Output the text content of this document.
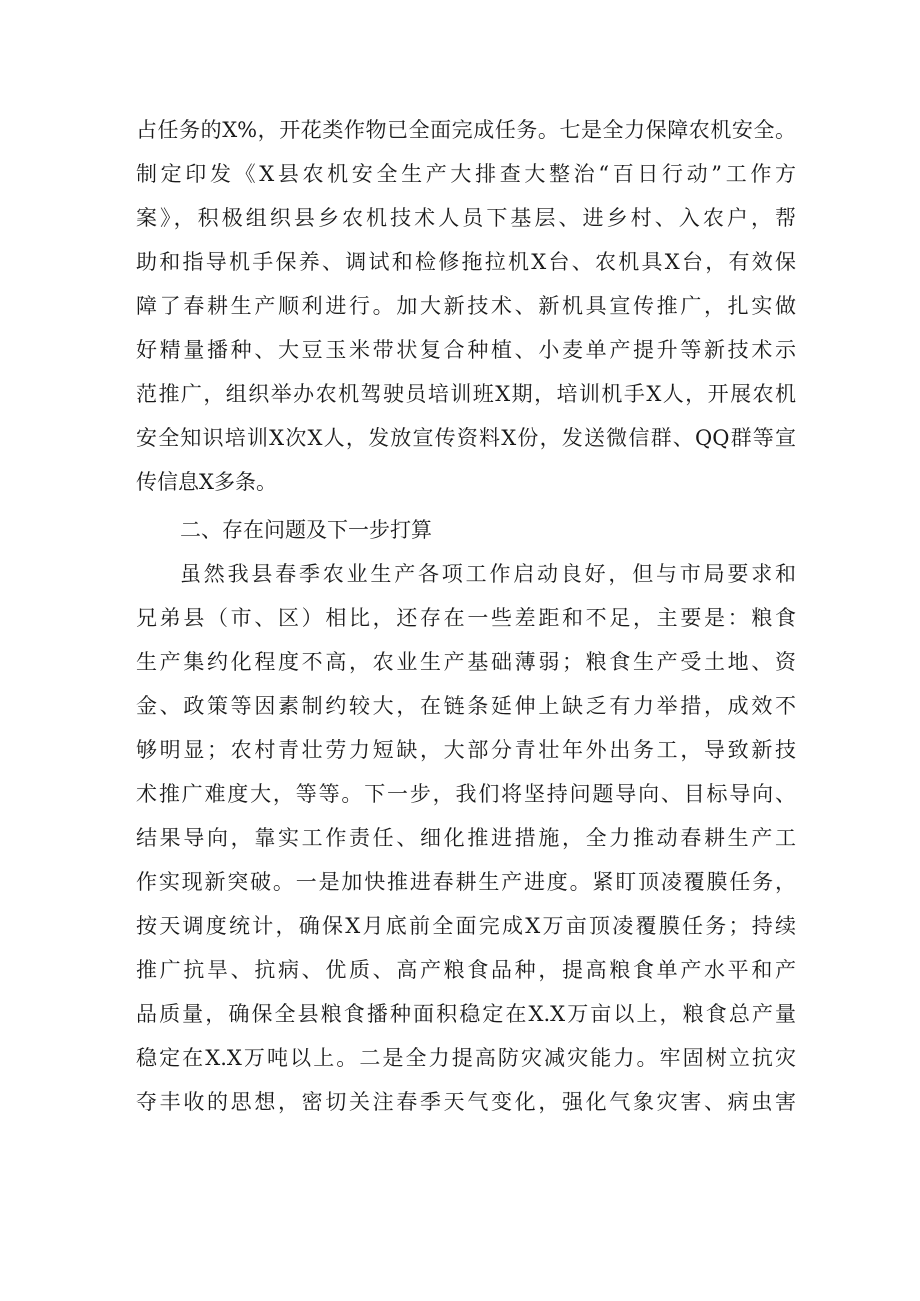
占任务的X%，开花类作物已全面完成任务。七是全力保障农机安全。
制定印发《X县农机安全生产大排查大整治“百日行动”工作方
案》，积极组织县乡农机技术人员下基层、进乡村、入农户，帮
助和指导机手保养、调试和检修拖拉机X台、农机具X台，有效保
障了春耕生产顺利进行。加大新技术、新机具宣传推广，扎实做
好精量播种、大豆玉米带状复合种植、小麦单产提升等新技术示
范推广，组织举办农机驾驶员培训班X期，培训机手X人，开展农机
安全知识培训X次X人，发放宣传资料X份，发送微信群、QQ群等宣
传信息X多条。
二、存在问题及下一步打算
虽然我县春季农业生产各项工作启动良好，但与市局要求和
兄弟县（市、区）相比，还存在一些差距和不足，主要是：粮食
生产集约化程度不高，农业生产基础薄弱；粮食生产受土地、资
金、政策等因素制约较大，在链条延伸上缺乏有力举措，成效不
够明显；农村青壮劳力短缺，大部分青壮年外出务工，导致新技
术推广难度大，等等。下一步，我们将坚持问题导向、目标导向、
结果导向，靠实工作责任、细化推进措施，全力推动春耕生产工
作实现新突破。一是加快推进春耕生产进度。紧盯顶凌覆膜任务，
按天调度统计，确保X月底前全面完成X万亩顶凌覆膜任务；持续
推广抗旱、抗病、优质、高产粮食品种，提高粮食单产水平和产
品质量，确保全县粮食播种面积稳定在X.X万亩以上，粮食总产量
稳定在X.X万吨以上。二是全力提高防灾减灾能力。牢固树立抗灾
夺丰收的思想，密切关注春季天气变化，强化气象灾害、病虫害
